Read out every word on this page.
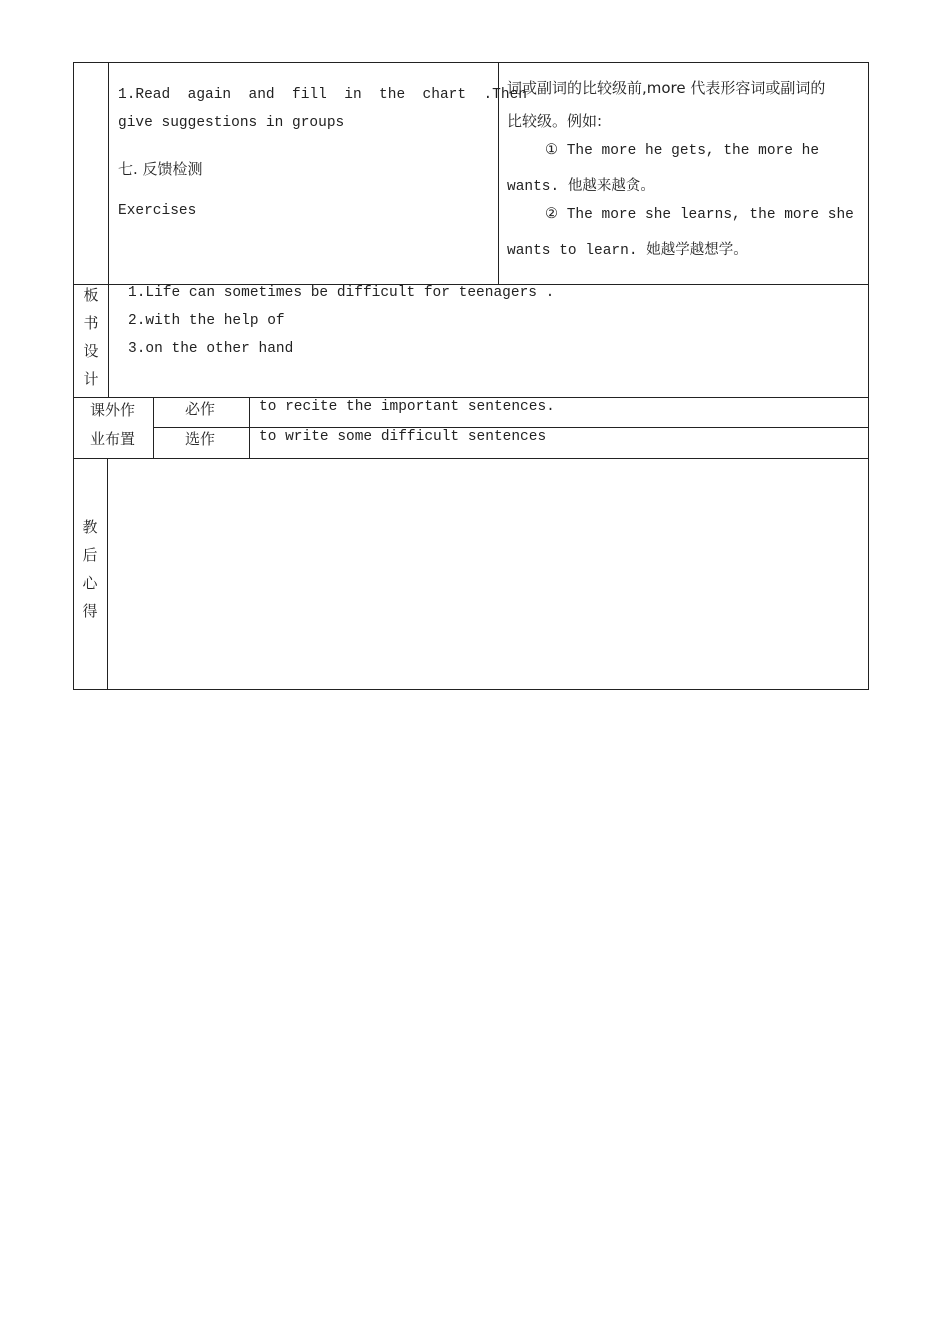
1.Read  again  and  fill  in  the  chart  .Then
give suggestions in groups
七. 反馈检测
Exercises
词或副词的比较级前,more 代表形容词或副词的
比较级。例如:
① The more he gets, the more he
wants. 他越来越贪。
② The more she learns, the more she
wants to learn. 她越学越想学。
板
书
设
计
1.Life can sometimes be difficult for teenagers .
2.with the help of
3.on the other hand
课外作
业布置
必作	to recite the important sentences.
选作	to write some difficult sentences
教
后
心
得
